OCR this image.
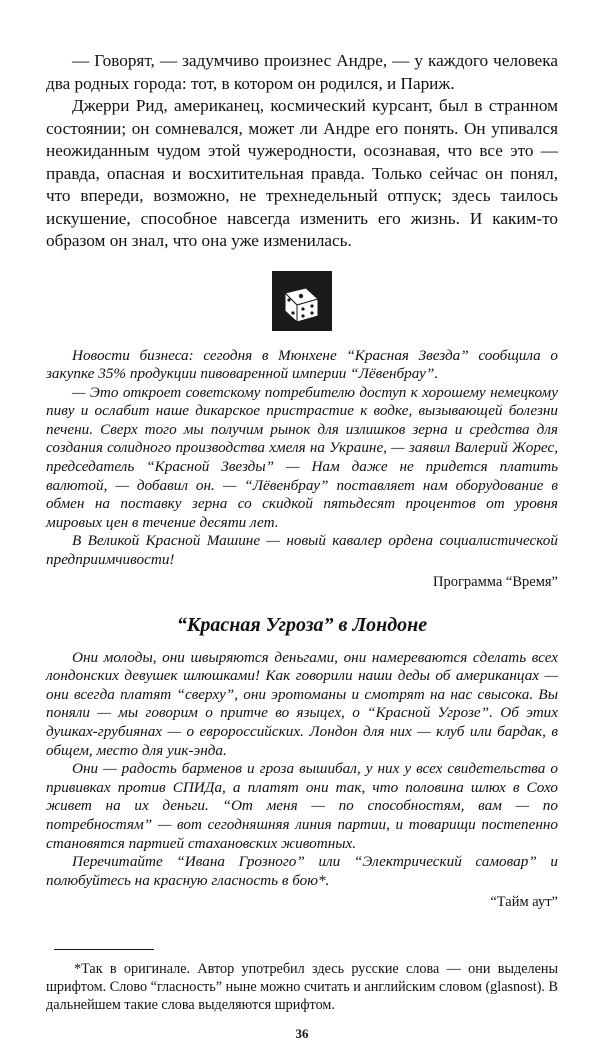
— Говорят, — задумчиво произнес Андре, — у каждого человека два родных города: тот, в котором он родился, и Париж.

Джерри Рид, американец, космический курсант, был в странном состоянии; он сомневался, может ли Андре его понять. Он упивался неожиданным чудом этой чужеродности, осознавая, что все это — правда, опасная и восхитительная правда. Только сейчас он понял, что впереди, возможно, не трехнедельный отпуск; здесь таилось искушение, способное навсегда изменить его жизнь. И каким-то образом он знал, что она уже изменилась.

Новости бизнеса: сегодня в Мюнхене “Красная Звезда” сообщила о закупке 35% продукции пивоваренной империи “Лёвенбрау”.

— Это откроет советскому потребителю доступ к хорошему немецкому пиву и ослабит наше дикарское пристрастие к водке, вызывающей болезни печени. Сверх того мы получим рынок для излишков зерна и средства для создания солидного производства хмеля на Украине, — заявил Валерий Жорес, председатель “Красной Звезды” — Нам даже не придется платить валютой, — добавил он. — “Лёвенбрау” поставляет нам оборудование в обмен на поставку зерна со скидкой пятьдесят процентов от уровня мировых цен в течение десяти лет.

В Великой Красной Машине — новый кавалер ордена социалистической предприимчивости!

Программа “Время”
“Красная Угроза” в Лондоне

Они молоды, они швыряются деньгами, они намереваются сделать всех лондонских девушек шлюшками! Как говорили наши деды об американцах — они всегда платят “сверху”, они эротоманы и смотрят на нас свысока. Вы поняли — мы говорим о притче во языцех, о “Красной Угрозе”. Об этих душках-грубиянах — о евророссийских. Лондон для них — клуб или бардак, в общем, место для уик-энда.

Они — радость барменов и гроза вышибал, у них у всех свидетельства о прививках против СПИДа, а платят они так, что половина шлюх в Сохо живет на их деньги. “От меня — по способностям, вам — по потребностям” — вот сегодняшняя линия партии, и товарищи постепенно становятся партией стахановских животных.

Перечитайте “Ивана Грозного” или “Электрический самовар” и полюбуйтесь на красную гласность в бою*.

“Тайм аут”

*Так в оригинале. Автор употребил здесь русские слова — они выделены шрифтом. Слово “гласность” ныне можно считать и английским словом (glasnost). В дальнейшем такие слова выделяются шрифтом.

36
